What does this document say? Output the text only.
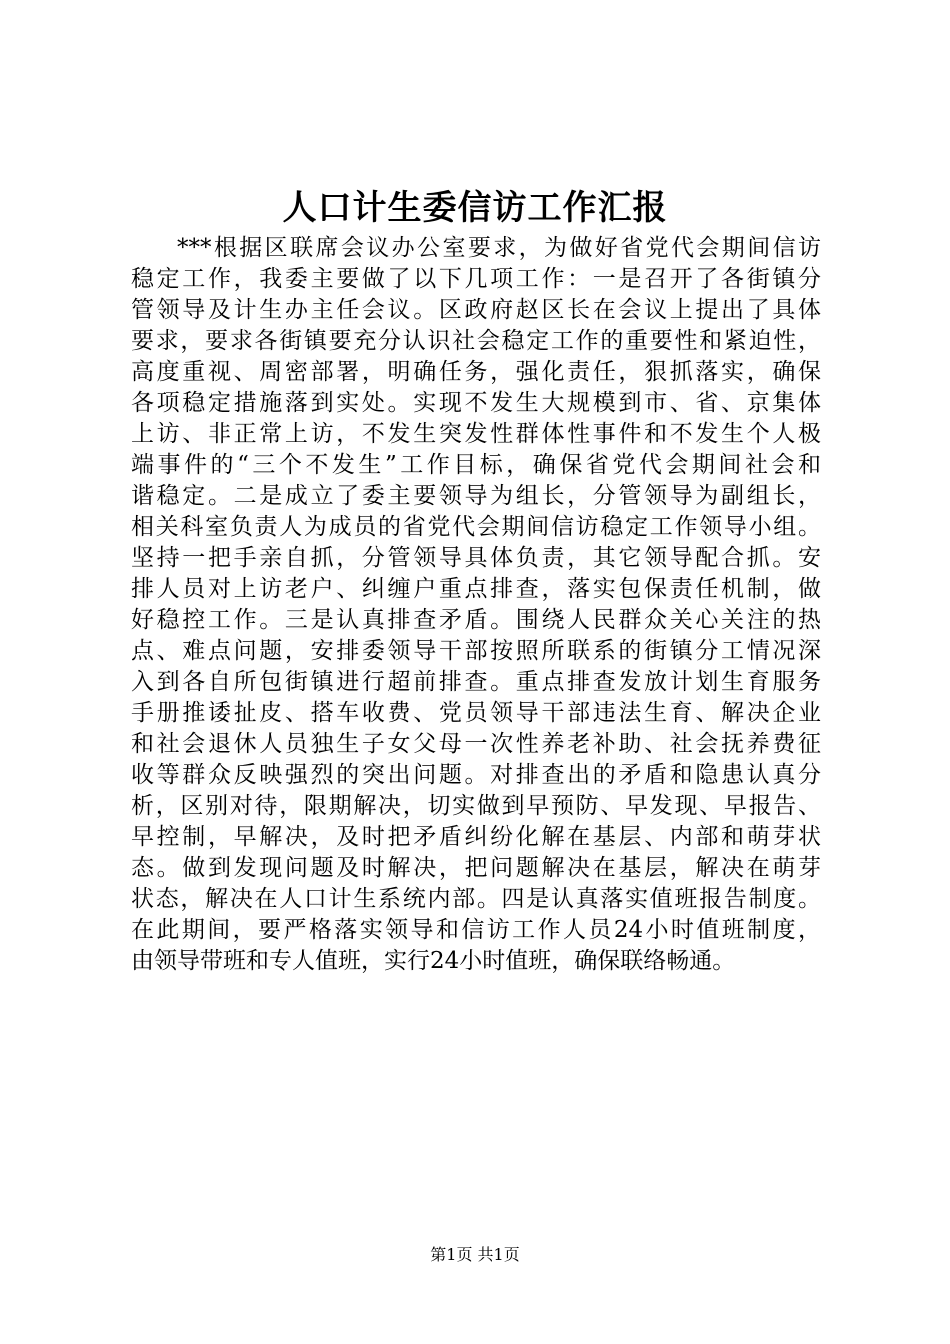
人口计生委信访工作汇报
***根据区联席会议办公室要求，为做好省党代会期间信访
稳定工作，我委主要做了以下几项工作：一是召开了各街镇分
管领导及计生办主任会议。区政府赵区长在会议上提出了具体
要求，要求各街镇要充分认识社会稳定工作的重要性和紧迫性，
高度重视、周密部署，明确任务，强化责任，狠抓落实，确保
各项稳定措施落到实处。实现不发生大规模到市、省、京集体
上访、非正常上访，不发生突发性群体性事件和不发生个人极
端事件的“三个不发生”工作目标，确保省党代会期间社会和
谐稳定。二是成立了委主要领导为组长，分管领导为副组长，
相关科室负责人为成员的省党代会期间信访稳定工作领导小组。
坚持一把手亲自抓，分管领导具体负责，其它领导配合抓。安
排人员对上访老户、纠缠户重点排查，落实包保责任机制，做
好稳控工作。三是认真排查矛盾。围绕人民群众关心关注的热
点、难点问题，安排委领导干部按照所联系的街镇分工情况深
入到各自所包街镇进行超前排查。重点排查发放计划生育服务
手册推诿扯皮、搭车收费、党员领导干部违法生育、解决企业
和社会退休人员独生子女父母一次性养老补助、社会抚养费征
收等群众反映强烈的突出问题。对排查出的矛盾和隐患认真分
析，区别对待，限期解决，切实做到早预防、早发现、早报告、
早控制，早解决，及时把矛盾纠纷化解在基层、内部和萌芽状
态。做到发现问题及时解决，把问题解决在基层，解决在萌芽
状态，解决在人口计生系统内部。四是认真落实值班报告制度。
在此期间，要严格落实领导和信访工作人员24小时值班制度，
由领导带班和专人值班，实行24小时值班，确保联络畅通。
第1页 共1页
